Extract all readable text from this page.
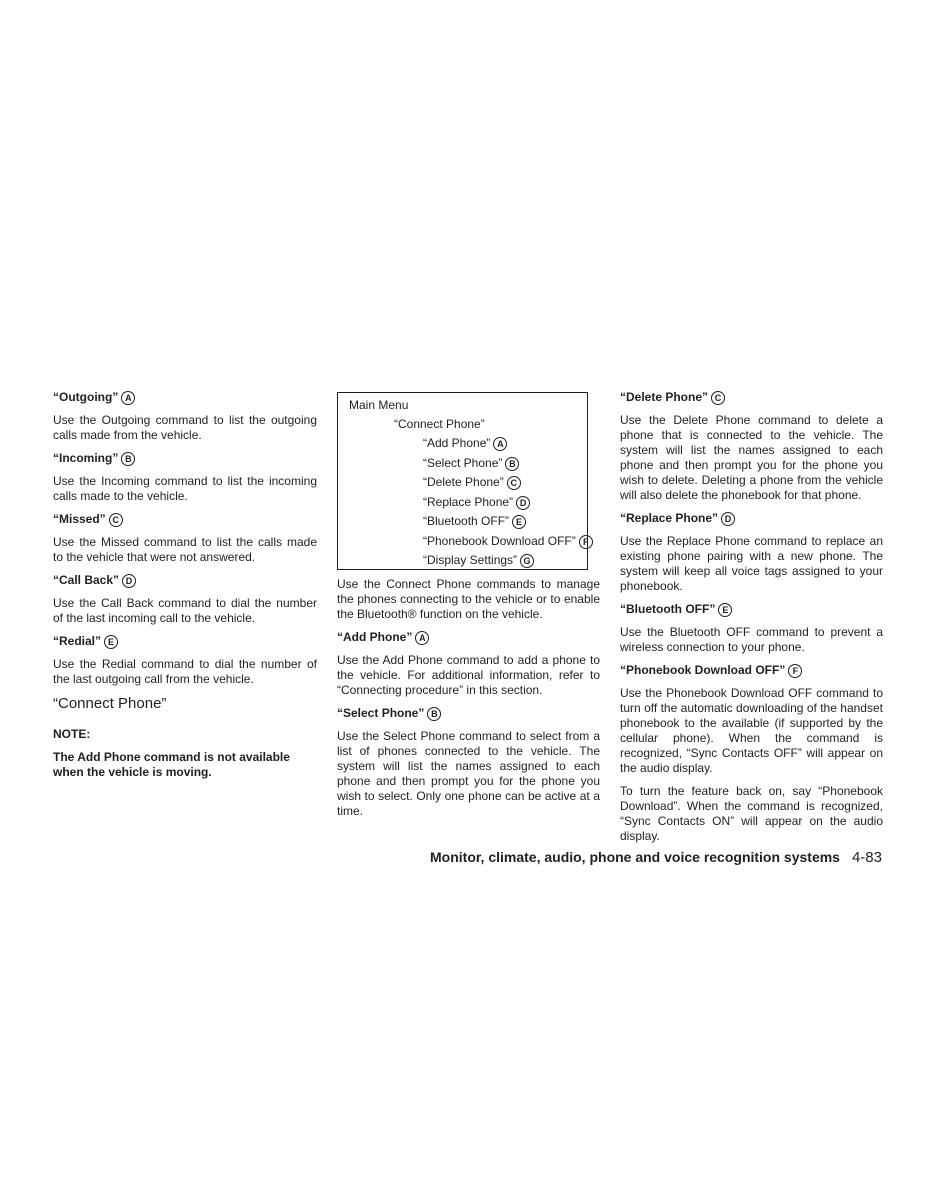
“Outgoing” A

Use the Outgoing command to list the outgoing calls made from the vehicle.

“Incoming” B

Use the Incoming command to list the incoming calls made to the vehicle.

“Missed” C

Use the Missed command to list the calls made to the vehicle that were not answered.

“Call Back” D

Use the Call Back command to dial the number of the last incoming call to the vehicle.

“Redial” E

Use the Redial command to dial the number of the last outgoing call from the vehicle.

“Connect Phone”

NOTE:

The Add Phone command is not available when the vehicle is moving.

Main Menu
“Connect Phone”
“Add Phone” A
“Select Phone” B
“Delete Phone” C
“Replace Phone” D
“Bluetooth OFF” E
“Phonebook Download OFF” F
“Display Settings” G

Use the Connect Phone commands to manage the phones connecting to the vehicle or to enable the Bluetooth® function on the vehicle.

“Add Phone” A

Use the Add Phone command to add a phone to the vehicle. For additional information, refer to “Connecting procedure” in this section.

“Select Phone” B

Use the Select Phone command to select from a list of phones connected to the vehicle. The system will list the names assigned to each phone and then prompt you for the phone you wish to select. Only one phone can be active at a time.

“Delete Phone” C

Use the Delete Phone command to delete a phone that is connected to the vehicle. The system will list the names assigned to each phone and then prompt you for the phone you wish to delete. Deleting a phone from the vehicle will also delete the phonebook for that phone.

“Replace Phone” D

Use the Replace Phone command to replace an existing phone pairing with a new phone. The system will keep all voice tags assigned to your phonebook.

“Bluetooth OFF” E

Use the Bluetooth OFF command to prevent a wireless connection to your phone.

“Phonebook Download OFF” F

Use the Phonebook Download OFF command to turn off the automatic downloading of the handset phonebook to the available (if supported by the cellular phone). When the command is recognized, “Sync Contacts OFF” will appear on the audio display.

To turn the feature back on, say “Phonebook Download”. When the command is recognized, “Sync Contacts ON” will appear on the audio display.

Monitor, climate, audio, phone and voice recognition systems 4-83
